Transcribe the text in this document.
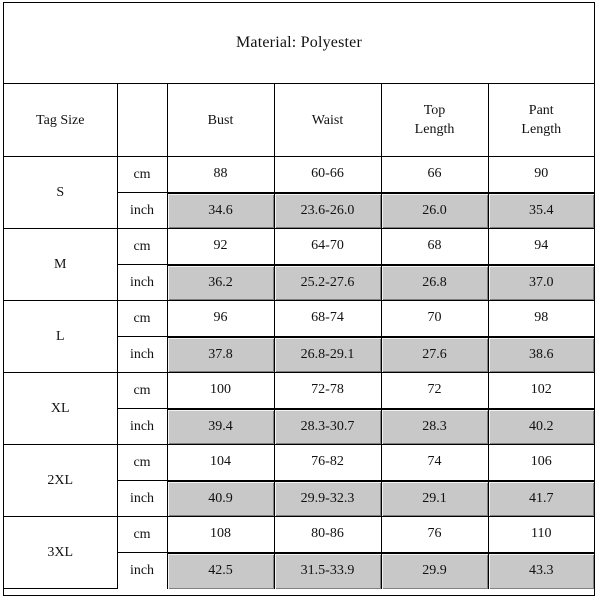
Material: Polyester
Tag Size		Bust	Waist	Top Length	Pant Length
S	cm	88	60-66	66	90
	inch	34.6	23.6-26.0	26.0	35.4
M	cm	92	64-70	68	94
	inch	36.2	25.2-27.6	26.8	37.0
L	cm	96	68-74	70	98
	inch	37.8	26.8-29.1	27.6	38.6
XL	cm	100	72-78	72	102
	inch	39.4	28.3-30.7	28.3	40.2
2XL	cm	104	76-82	74	106
	inch	40.9	29.9-32.3	29.1	41.7
3XL	cm	108	80-86	76	110
	inch	42.5	31.5-33.9	29.9	43.3
